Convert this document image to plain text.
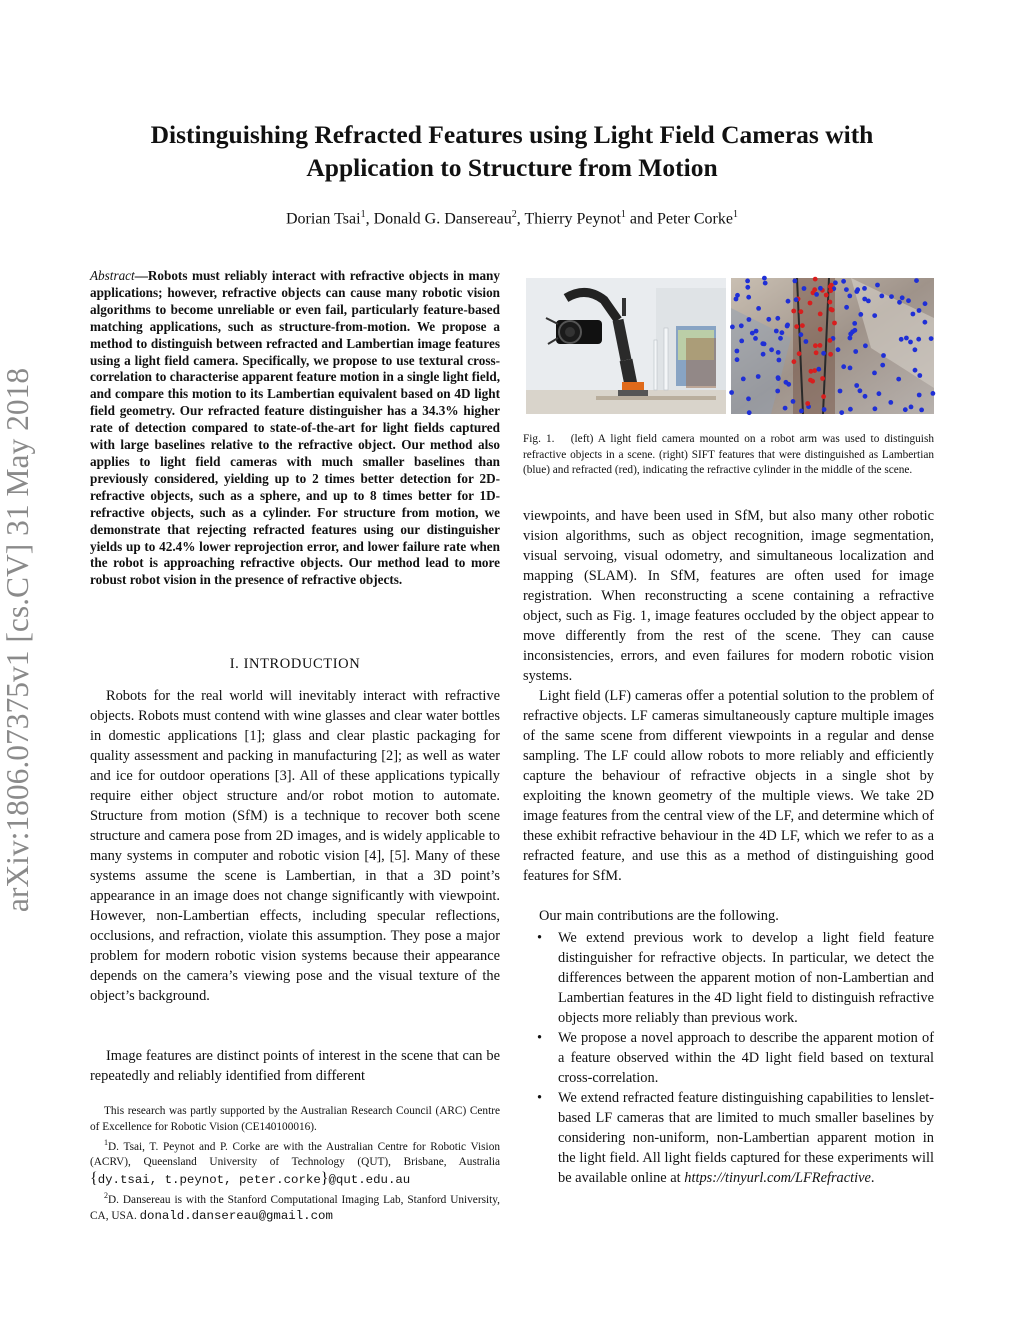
arXiv:1806.07375v1 [cs.CV] 31 May 2018
Distinguishing Refracted Features using Light Field Cameras with
Application to Structure from Motion
Dorian Tsai$^1$, Donald G. Dansereau$^2$, Thierry Peynot$^1$ and Peter Corke$^1$
Abstract—Robots must reliably interact with refractive objects in many applications; however, refractive objects can cause many robotic vision algorithms to become unreliable or even fail, particularly feature-based matching applications, such as structure-from-motion. We propose a method to distinguish between refracted and Lambertian image features using a light field camera. Specifically, we propose to use textural cross-correlation to characterise apparent feature motion in a single light field, and compare this motion to its Lambertian equivalent based on 4D light field geometry. Our refracted feature distinguisher has a 34.3% higher rate of detection compared to state-of-the-art for light fields captured with large baselines relative to the refractive object. Our method also applies to light field cameras with much smaller baselines than previously considered, yielding up to 2 times better detection for 2D-refractive objects, such as a sphere, and up to 8 times better for 1D-refractive objects, such as a cylinder. For structure from motion, we demonstrate that rejecting refracted features using our distinguisher yields up to 42.4% lower reprojection error, and lower failure rate when the robot is approaching refractive objects. Our method lead to more robust robot vision in the presence of refractive objects.
I. INTRODUCTION

Robots for the real world will inevitably interact with refractive objects. Robots must contend with wine glasses and clear water bottles in domestic applications [1]; glass and clear plastic packaging for quality assessment and packing in manufacturing [2]; as well as water and ice for outdoor operations [3]. All of these applications typically require either object structure and/or robot motion to automate. Structure from motion (SfM) is a technique to recover both scene structure and camera pose from 2D images, and is widely applicable to many systems in computer and robotic vision [4], [5]. Many of these systems assume the scene is Lambertian, in that a 3D point’s appearance in an image does not change significantly with viewpoint. However, non-Lambertian effects, including specular reflections, occlusions, and refraction, violate this assumption. They pose a major problem for modern robotic vision systems because their appearance depends on the camera’s viewing pose and the visual texture of the object’s background.

Image features are distinct points of interest in the scene that can be repeatedly and reliably identified from different

This research was partly supported by the Australian Research Council (ARC) Centre of Excellence for Robotic Vision (CE140100016).

$^1$D. Tsai, T. Peynot and P. Corke are with the Australian Centre for Robotic Vision (ACRV), Queensland University of Technology (QUT), Brisbane, Australia {dy.tsai, t.peynot, peter.corke}@qut.edu.au

$^2$D. Dansereau is with the Stanford Computational Imaging Lab, Stanford University, CA, USA. donald.dansereau@gmail.com

Fig. 1.  (left) A light field camera mounted on a robot arm was used to distinguish refractive objects in a scene. (right) SIFT features that were distinguished as Lambertian (blue) and refracted (red), indicating the refractive cylinder in the middle of the scene.

viewpoints, and have been used in SfM, but also many other robotic vision algorithms, such as object recognition, image segmentation, visual servoing, visual odometry, and simultaneous localization and mapping (SLAM). In SfM, features are often used for image registration. When reconstructing a scene containing a refractive object, such as Fig. 1, image features occluded by the object appear to move differently from the rest of the scene. They can cause inconsistencies, errors, and even failures for modern robotic vision systems.

Light field (LF) cameras offer a potential solution to the problem of refractive objects. LF cameras simultaneously capture multiple images of the same scene from different viewpoints in a regular and dense sampling. The LF could allow robots to more reliably and efficiently capture the behaviour of refractive objects in a single shot by exploiting the known geometry of the multiple views. We take 2D image features from the central view of the LF, and determine which of these exhibit refractive behaviour in the 4D LF, which we refer to as a refracted feature, and use this as a method of distinguishing good features for SfM.

Our main contributions are the following.

• We extend previous work to develop a light field feature distinguisher for refractive objects. In particular, we detect the differences between the apparent motion of non-Lambertian and Lambertian features in the 4D light field to distinguish refractive objects more reliably than previous work.
• We propose a novel approach to describe the apparent motion of a feature observed within the 4D light field based on textural cross-correlation.
• We extend refracted feature distinguishing capabilities to lenslet-based LF cameras that are limited to much smaller baselines by considering non-uniform, non-Lambertian apparent motion in the light field. All light fields captured for these experiments will be available online at https://tinyurl.com/LFRefractive.
